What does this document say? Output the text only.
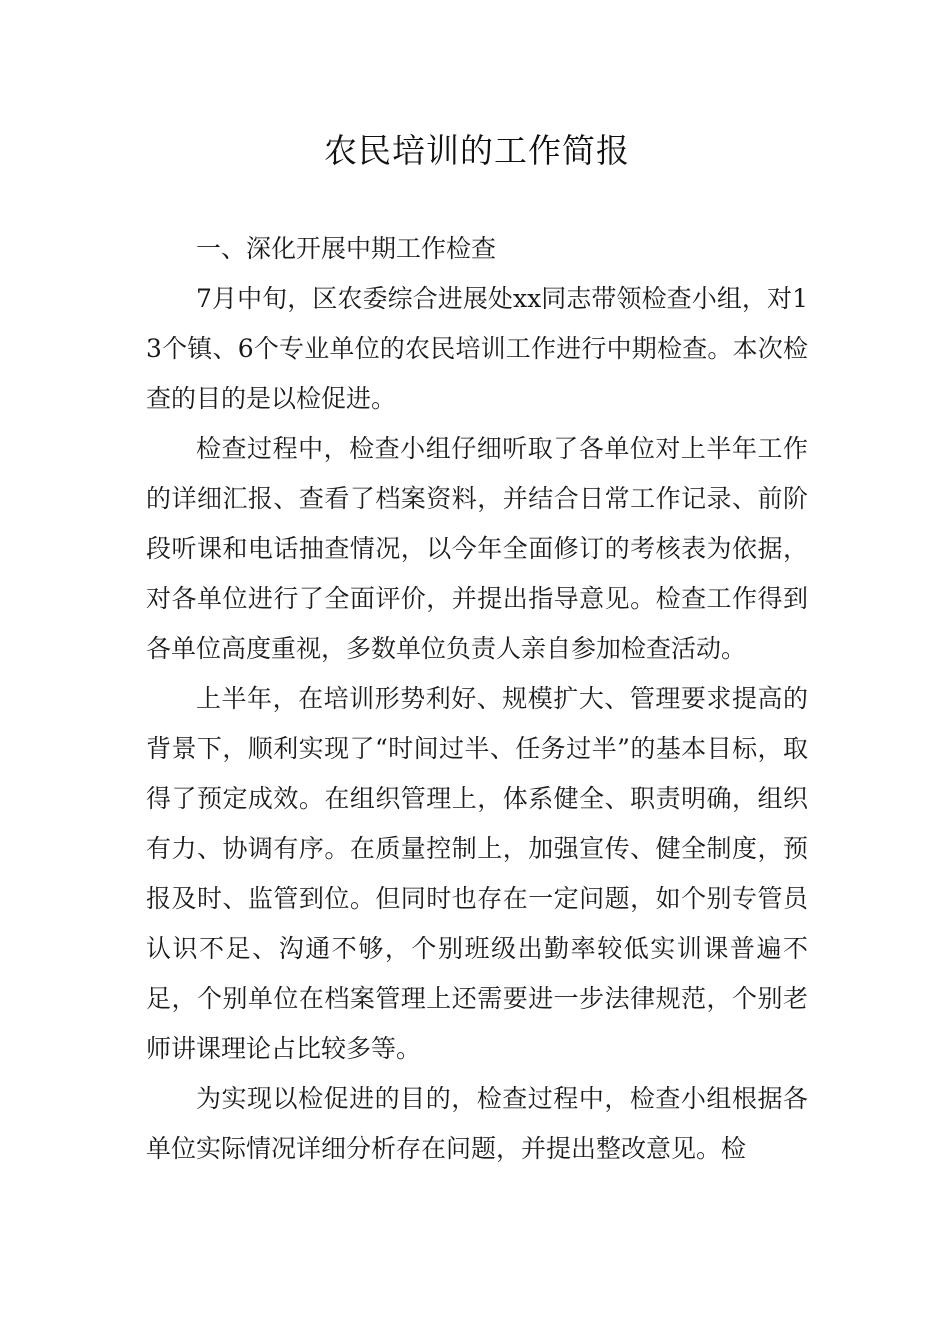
农民培训的工作简报
一、深化开展中期工作检查

7月中旬，区农委综合进展处xx同志带领检查小组，对13个镇、6个专业单位的农民培训工作进行中期检查。本次检查的目的是以检促进。

检查过程中，检查小组仔细听取了各单位对上半年工作的详细汇报、查看了档案资料，并结合日常工作记录、前阶段听课和电话抽查情况，以今年全面修订的考核表为依据，对各单位进行了全面评价，并提出指导意见。检查工作得到各单位高度重视，多数单位负责人亲自参加检查活动。

上半年，在培训形势利好、规模扩大、管理要求提高的背景下，顺利实现了“时间过半、任务过半”的基本目标，取得了预定成效。在组织管理上，体系健全、职责明确，组织有力、协调有序。在质量控制上，加强宣传、健全制度，预报及时、监管到位。但同时也存在一定问题，如个别专管员认识不足、沟通不够，个别班级出勤率较低实训课普遍不足，个别单位在档案管理上还需要进一步法律规范，个别老师讲课理论占比较多等。

为实现以检促进的目的，检查过程中，检查小组根据各单位实际情况详细分析存在问题，并提出整改意见。检
